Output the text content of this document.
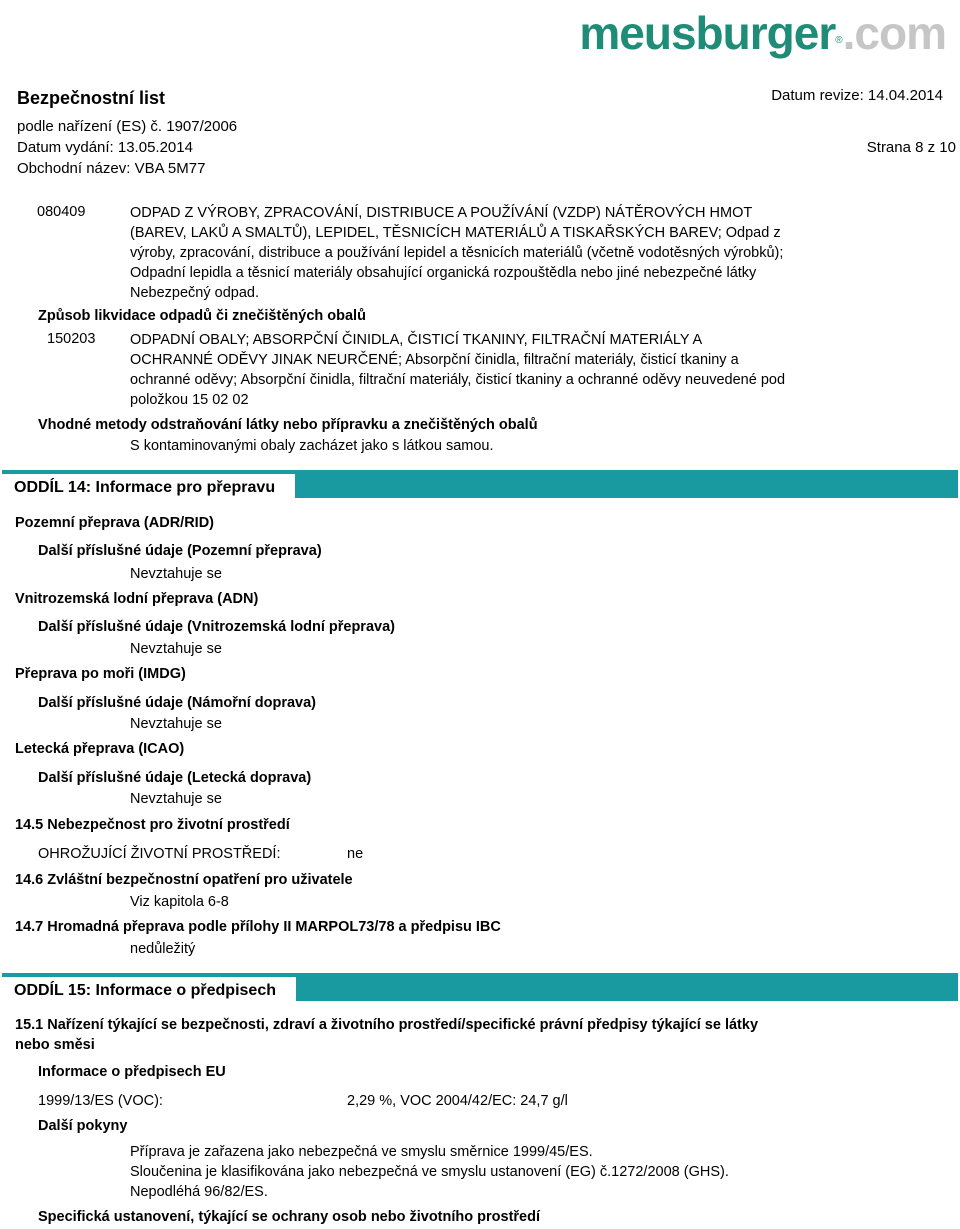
meusburger®.com
Bezpečnostní list	Datum revize: 14.04.2014
podle nařízení (ES) č. 1907/2006
Datum vydání: 13.05.2014	Strana 8 z 10
Obchodní název: VBA 5M77
080409	ODPAD Z VÝROBY, ZPRACOVÁNÍ, DISTRIBUCE A POUŽÍVÁNÍ (VZDP) NÁTĚROVÝCH HMOT
(BAREV, LAKŮ A SMALTŮ), LEPIDEL, TĚSNICÍCH MATERIÁLŮ A TISKAŘSKÝCH BAREV; Odpad z
výroby, zpracování, distribuce a používání lepidel a těsnicích materiálů (včetně vodotěsných výrobků);
Odpadní lepidla a těsnicí materiály obsahující organická rozpouštědla nebo jiné nebezpečné látky
Nebezpečný odpad.
Způsob likvidace odpadů či znečištěných obalů
150203 ODPADNÍ OBALY; ABSORPČNÍ ČINIDLA, ČISTICÍ TKANINY, FILTRAČNÍ MATERIÁLY A
OCHRANNÉ ODĚVY JINAK NEURČENÉ; Absorpční činidla, filtrační materiály, čisticí tkaniny a
ochranné oděvy; Absorpční činidla, filtrační materiály, čisticí tkaniny a ochranné oděvy neuvedené pod
položkou 15 02 02
Vhodné metody odstraňování látky nebo přípravku a znečištěných obalů
S kontaminovanými obaly zacházet jako s látkou samou.
ODDÍL 14: Informace pro přepravu
Pozemní přeprava (ADR/RID)
Další příslušné údaje (Pozemní přeprava)
Nevztahuje se
Vnitrozemská lodní přeprava (ADN)
Další příslušné údaje (Vnitrozemská lodní přeprava)
Nevztahuje se
Přeprava po moři (IMDG)
Další příslušné údaje (Námořní doprava)
Nevztahuje se
Letecká přeprava (ICAO)
Další příslušné údaje (Letecká doprava)
Nevztahuje se
14.5 Nebezpečnost pro životní prostředí
OHROŽUJÍCÍ ŽIVOTNÍ PROSTŘEDÍ:	ne
14.6 Zvláštní bezpečnostní opatření pro uživatele
Viz kapitola 6-8
14.7 Hromadná přeprava podle přílohy II MARPOL73/78 a předpisu IBC
nedůležitý
ODDÍL 15: Informace o předpisech
15.1 Nařízení týkající se bezpečnosti, zdraví a životního prostředí/specifické právní předpisy týkající se látky
nebo směsi
Informace o předpisech EU
1999/13/ES (VOC):	2,29 %, VOC 2004/42/EC: 24,7 g/l
Další pokyny
Příprava je zařazena jako nebezpečná ve smyslu směrnice 1999/45/ES.
Sloučenina je klasifikována jako nebezpečná ve smyslu ustanovení (EG) č.1272/2008 (GHS).
Nepodléhá 96/82/ES.
Specifická ustanovení, týkající se ochrany osob nebo životního prostředí
